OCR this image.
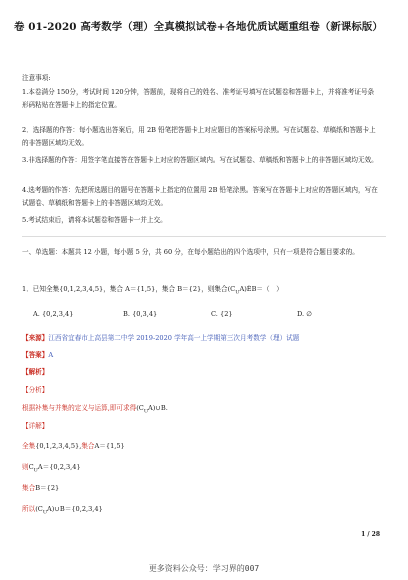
卷 01-2020 高考数学（理）全真模拟试卷+各地优质试题重组卷（新课标版）
注意事项:
1.本卷满分 150分，考试时间 120分钟，答题前，现将自己的姓名、准考证号填写在试题卷和答题卡上，并将准考证号条形码粘贴在答题卡上的指定位置。
2．选择题的作答：每小题选出答案后，用 2B 铅笔把答题卡上对应题目的答案标号涂黑。写在试题卷、草稿纸和答题卡上的非答题区域均无效。
3.非选择题的作答：用签字笔直接答在答题卡上对应的答题区域内。写在试题卷、草稿纸和答题卡上的非答题区域均无效。
4.选考题的作答：先把所选题目的题号在答题卡上指定的位置用 2B 铅笔涂黑。答案写在答题卡上对应的答题区域内，写在试题卷、草稿纸和答题卡上的非答题区域均无效。
5.考试结束后，请将本试题卷和答题卡一并上交。
一、单选题：本题共 12 小题，每小题 5 分，共 60 分，在每小题给出的四个选项中，只有一项是符合题目要求的。
1．已知全集{0,1,2,3,4,5}，集合 A＝{1,5}，集合 B＝{2}，则集合$(C_UA)ÈB=$（　）
A. {0,2,3,4}	B. {0,3,4}	C. {2}	D. ∅
【来源】江西省宜春市上高县第二中学 2019-2020 学年高一上学期第三次月考数学（理）试题
【答案】A
【解析】
【分析】
根据补集与并集的定义与运算,即可求得$(C_UA)\cup B$.
【详解】
全集{0,1,2,3,4,5},集合A＝{1,5}
则$C_UA=\{0,2,3,4\}$
集合B＝{2}
所以$(C_UA)\cup B=\{0,2,3,4\}$
1 / 28
更多资料公众号：学习界的007
